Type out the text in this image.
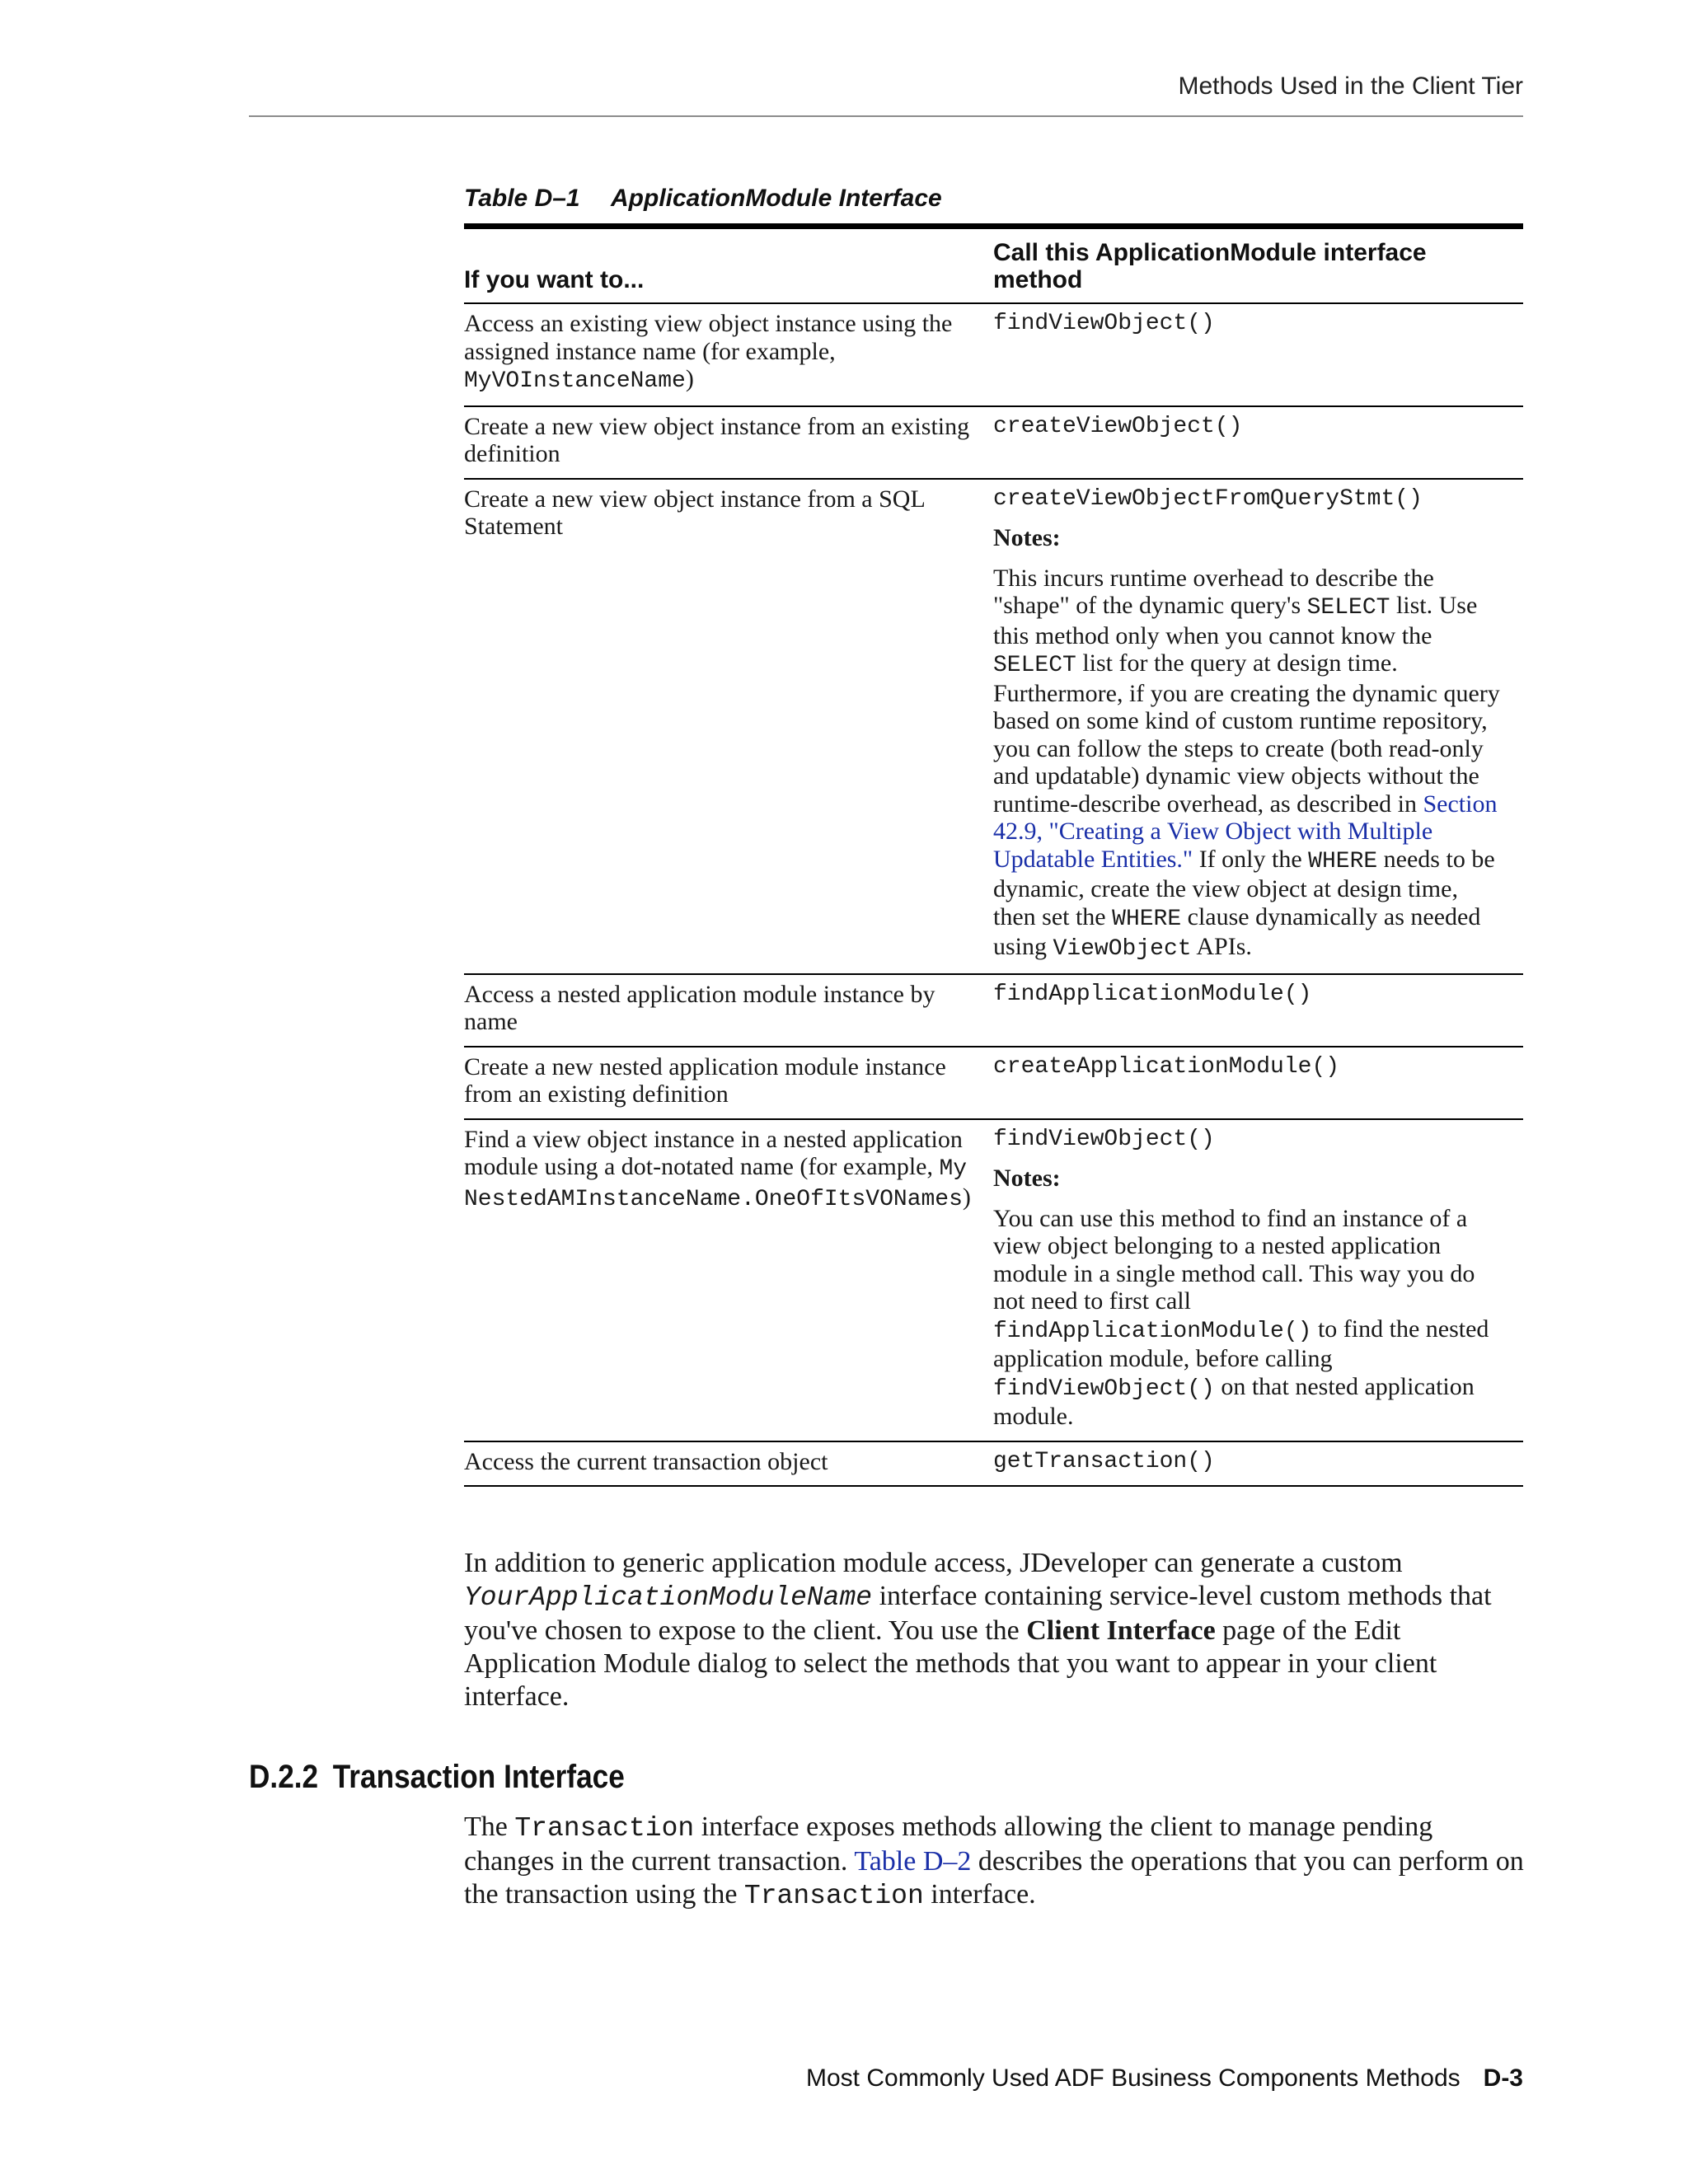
Methods Used in the Client Tier
Table D–1 ApplicationModule Interface
If you want to...	Call this ApplicationModule interface method
Access an existing view object instance using the assigned instance name (for example, MyVOInstanceName)	findViewObject()

Create a new view object instance from an existing definition	createViewObject()

Create a new view object instance from a SQL Statement	createViewObjectFromQueryStmt()
Notes:
This incurs runtime overhead to describe the "shape" of the dynamic query's SELECT list. Use this method only when you cannot know the SELECT list for the query at design time. Furthermore, if you are creating the dynamic query based on some kind of custom runtime repository, you can follow the steps to create (both read-only and updatable) dynamic view objects without the runtime-describe overhead, as described in Section 42.9, "Creating a View Object with Multiple Updatable Entities." If only the WHERE needs to be dynamic, create the view object at design time, then set the WHERE clause dynamically as needed using ViewObject APIs.

Access a nested application module instance by name	findApplicationModule()

Create a new nested application module instance from an existing definition	createApplicationModule()

Find a view object instance in a nested application module using a dot-notated name (for example, MyNestedAMInstanceName.OneOfItsVONames)	findViewObject()
Notes:
You can use this method to find an instance of a view object belonging to a nested application module in a single method call. This way you do not need to first call findApplicationModule() to find the nested application module, before calling findViewObject() on that nested application module.

Access the current transaction object	getTransaction()
In addition to generic application module access, JDeveloper can generate a custom YourApplicationModuleName interface containing service-level custom methods that you've chosen to expose to the client. You use the Client Interface page of the Edit Application Module dialog to select the methods that you want to appear in your client interface.
D.2.2 Transaction Interface
The Transaction interface exposes methods allowing the client to manage pending changes in the current transaction. Table D–2 describes the operations that you can perform on the transaction using the Transaction interface.
Most Commonly Used ADF Business Components Methods D-3
